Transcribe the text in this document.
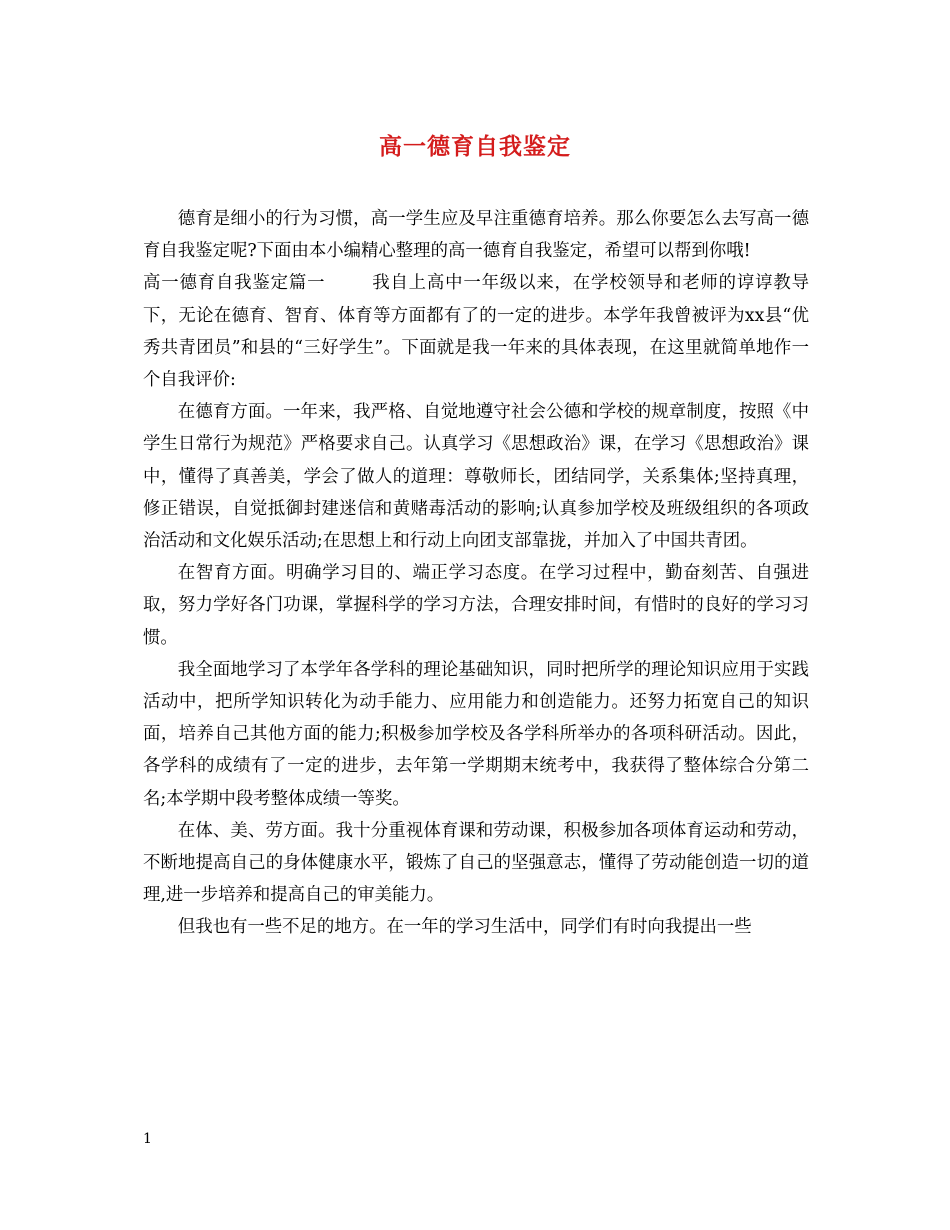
高一德育自我鉴定

德育是细小的行为习惯，高一学生应及早注重德育培养。那么你要怎么去写高一德育自我鉴定呢?下面由本小编精心整理的高一德育自我鉴定，希望可以帮到你哦!

高一德育自我鉴定篇一	我自上高中一年级以来，在学校领导和老师的谆谆教导下，无论在德育、智育、体育等方面都有了的一定的进步。本学年我曾被评为xx县“优秀共青团员”和县的“三好学生”。下面就是我一年来的具体表现，在这里就简单地作一个自我评价:

在德育方面。一年来，我严格、自觉地遵守社会公德和学校的规章制度，按照《中学生日常行为规范》严格要求自己。认真学习《思想政治》课，在学习《思想政治》课中，懂得了真善美，学会了做人的道理：尊敬师长，团结同学，关系集体;坚持真理，修正错误，自觉抵御封建迷信和黄赌毒活动的影响;认真参加学校及班级组织的各项政治活动和文化娱乐活动;在思想上和行动上向团支部靠拢，并加入了中国共青团。

在智育方面。明确学习目的、端正学习态度。在学习过程中，勤奋刻苦、自强进取，努力学好各门功课，掌握科学的学习方法，合理安排时间，有惜时的良好的学习习惯。

我全面地学习了本学年各学科的理论基础知识，同时把所学的理论知识应用于实践活动中，把所学知识转化为动手能力、应用能力和创造能力。还努力拓宽自己的知识面，培养自己其他方面的能力;积极参加学校及各学科所举办的各项科研活动。因此，各学科的成绩有了一定的进步，去年第一学期期末统考中，我获得了整体综合分第二名;本学期中段考整体成绩一等奖。

在体、美、劳方面。我十分重视体育课和劳动课，积极参加各项体育运动和劳动，不断地提高自己的身体健康水平，锻炼了自己的坚强意志，懂得了劳动能创造一切的道理,进一步培养和提高自己的审美能力。

但我也有一些不足的地方。在一年的学习生活中，同学们有时向我提出一些

1
